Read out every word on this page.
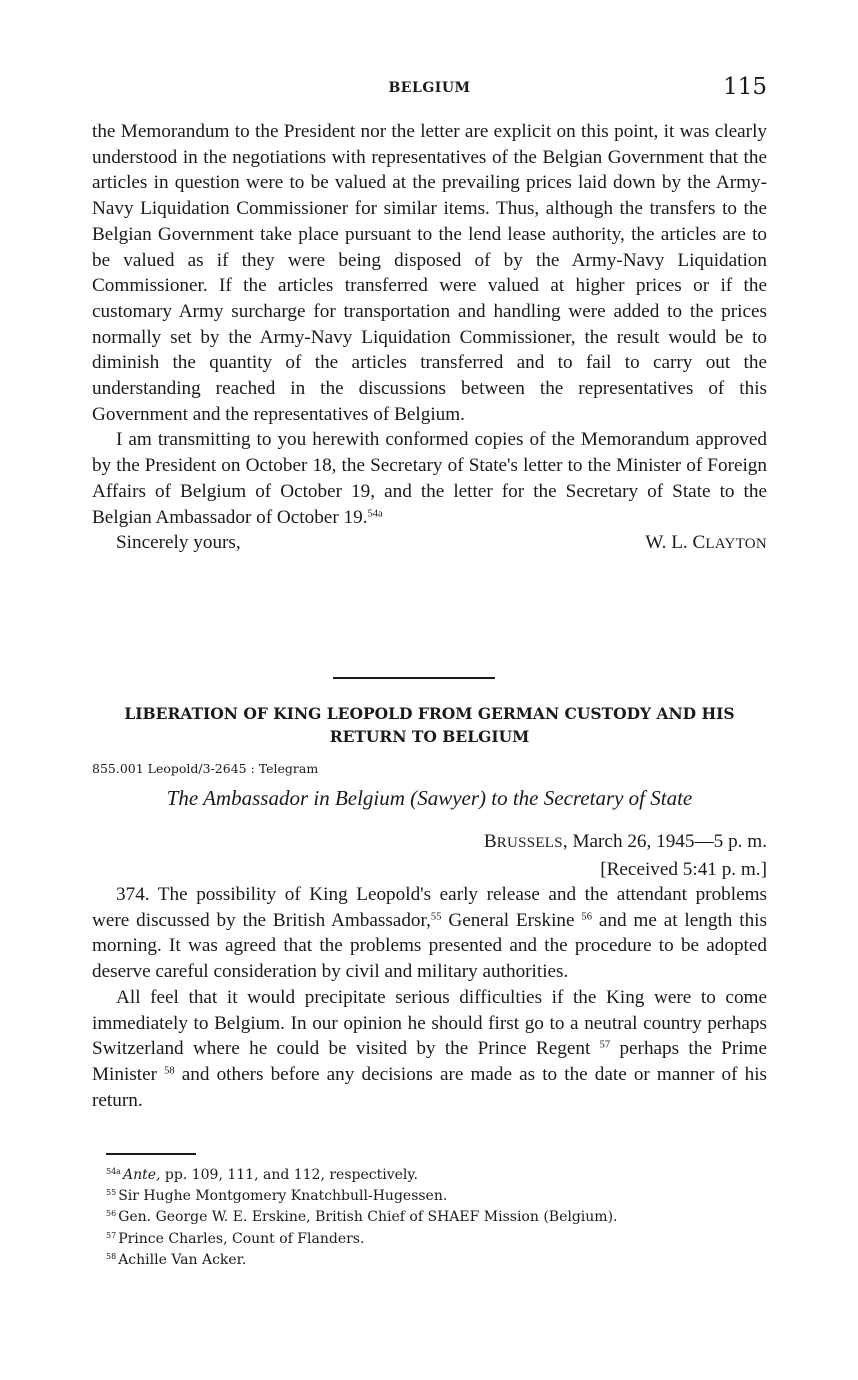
BELGIUM	115

the Memorandum to the President nor the letter are explicit on this point, it was clearly understood in the negotiations with representatives of the Belgian Government that the articles in question were to be valued at the prevailing prices laid down by the Army-Navy Liquidation Commissioner for similar items. Thus, although the transfers to the Belgian Government take place pursuant to the lend lease authority, the articles are to be valued as if they were being disposed of by the Army-Navy Liquidation Commissioner. If the articles transferred were valued at higher prices or if the customary Army surcharge for transportation and handling were added to the prices normally set by the Army-Navy Liquidation Commissioner, the result would be to diminish the quantity of the articles transferred and to fail to carry out the understanding reached in the discussions between the representatives of this Government and the representatives of Belgium.

I am transmitting to you herewith conformed copies of the Memorandum approved by the President on October 18, the Secretary of State's letter to the Minister of Foreign Affairs of Belgium of October 19, and the letter for the Secretary of State to the Belgian Ambassador of October 19.$^{54a}$

Sincerely yours,	W. L. CLAYTON
LIBERATION OF KING LEOPOLD FROM GERMAN CUSTODY AND HIS RETURN TO BELGIUM
855.001 Leopold/3-2645 : Telegram
The Ambassador in Belgium (Sawyer) to the Secretary of State
BRUSSELS, March 26, 1945—5 p. m.
[Received 5:41 p. m.]

374. The possibility of King Leopold's early release and the attendant problems were discussed by the British Ambassador,$^{55}$ General Erskine $^{56}$ and me at length this morning. It was agreed that the problems presented and the procedure to be adopted deserve careful consideration by civil and military authorities.

All feel that it would precipitate serious difficulties if the King were to come immediately to Belgium. In our opinion he should first go to a neutral country perhaps Switzerland where he could be visited by the Prince Regent $^{57}$ perhaps the Prime Minister $^{58}$ and others before any decisions are made as to the date or manner of his return.

$^{54a}$ Ante, pp. 109, 111, and 112, respectively.
$^{55}$ Sir Hughe Montgomery Knatchbull-Hugessen.
$^{56}$ Gen. George W. E. Erskine, British Chief of SHAEF Mission (Belgium).
$^{57}$ Prince Charles, Count of Flanders.
$^{58}$ Achille Van Acker.
